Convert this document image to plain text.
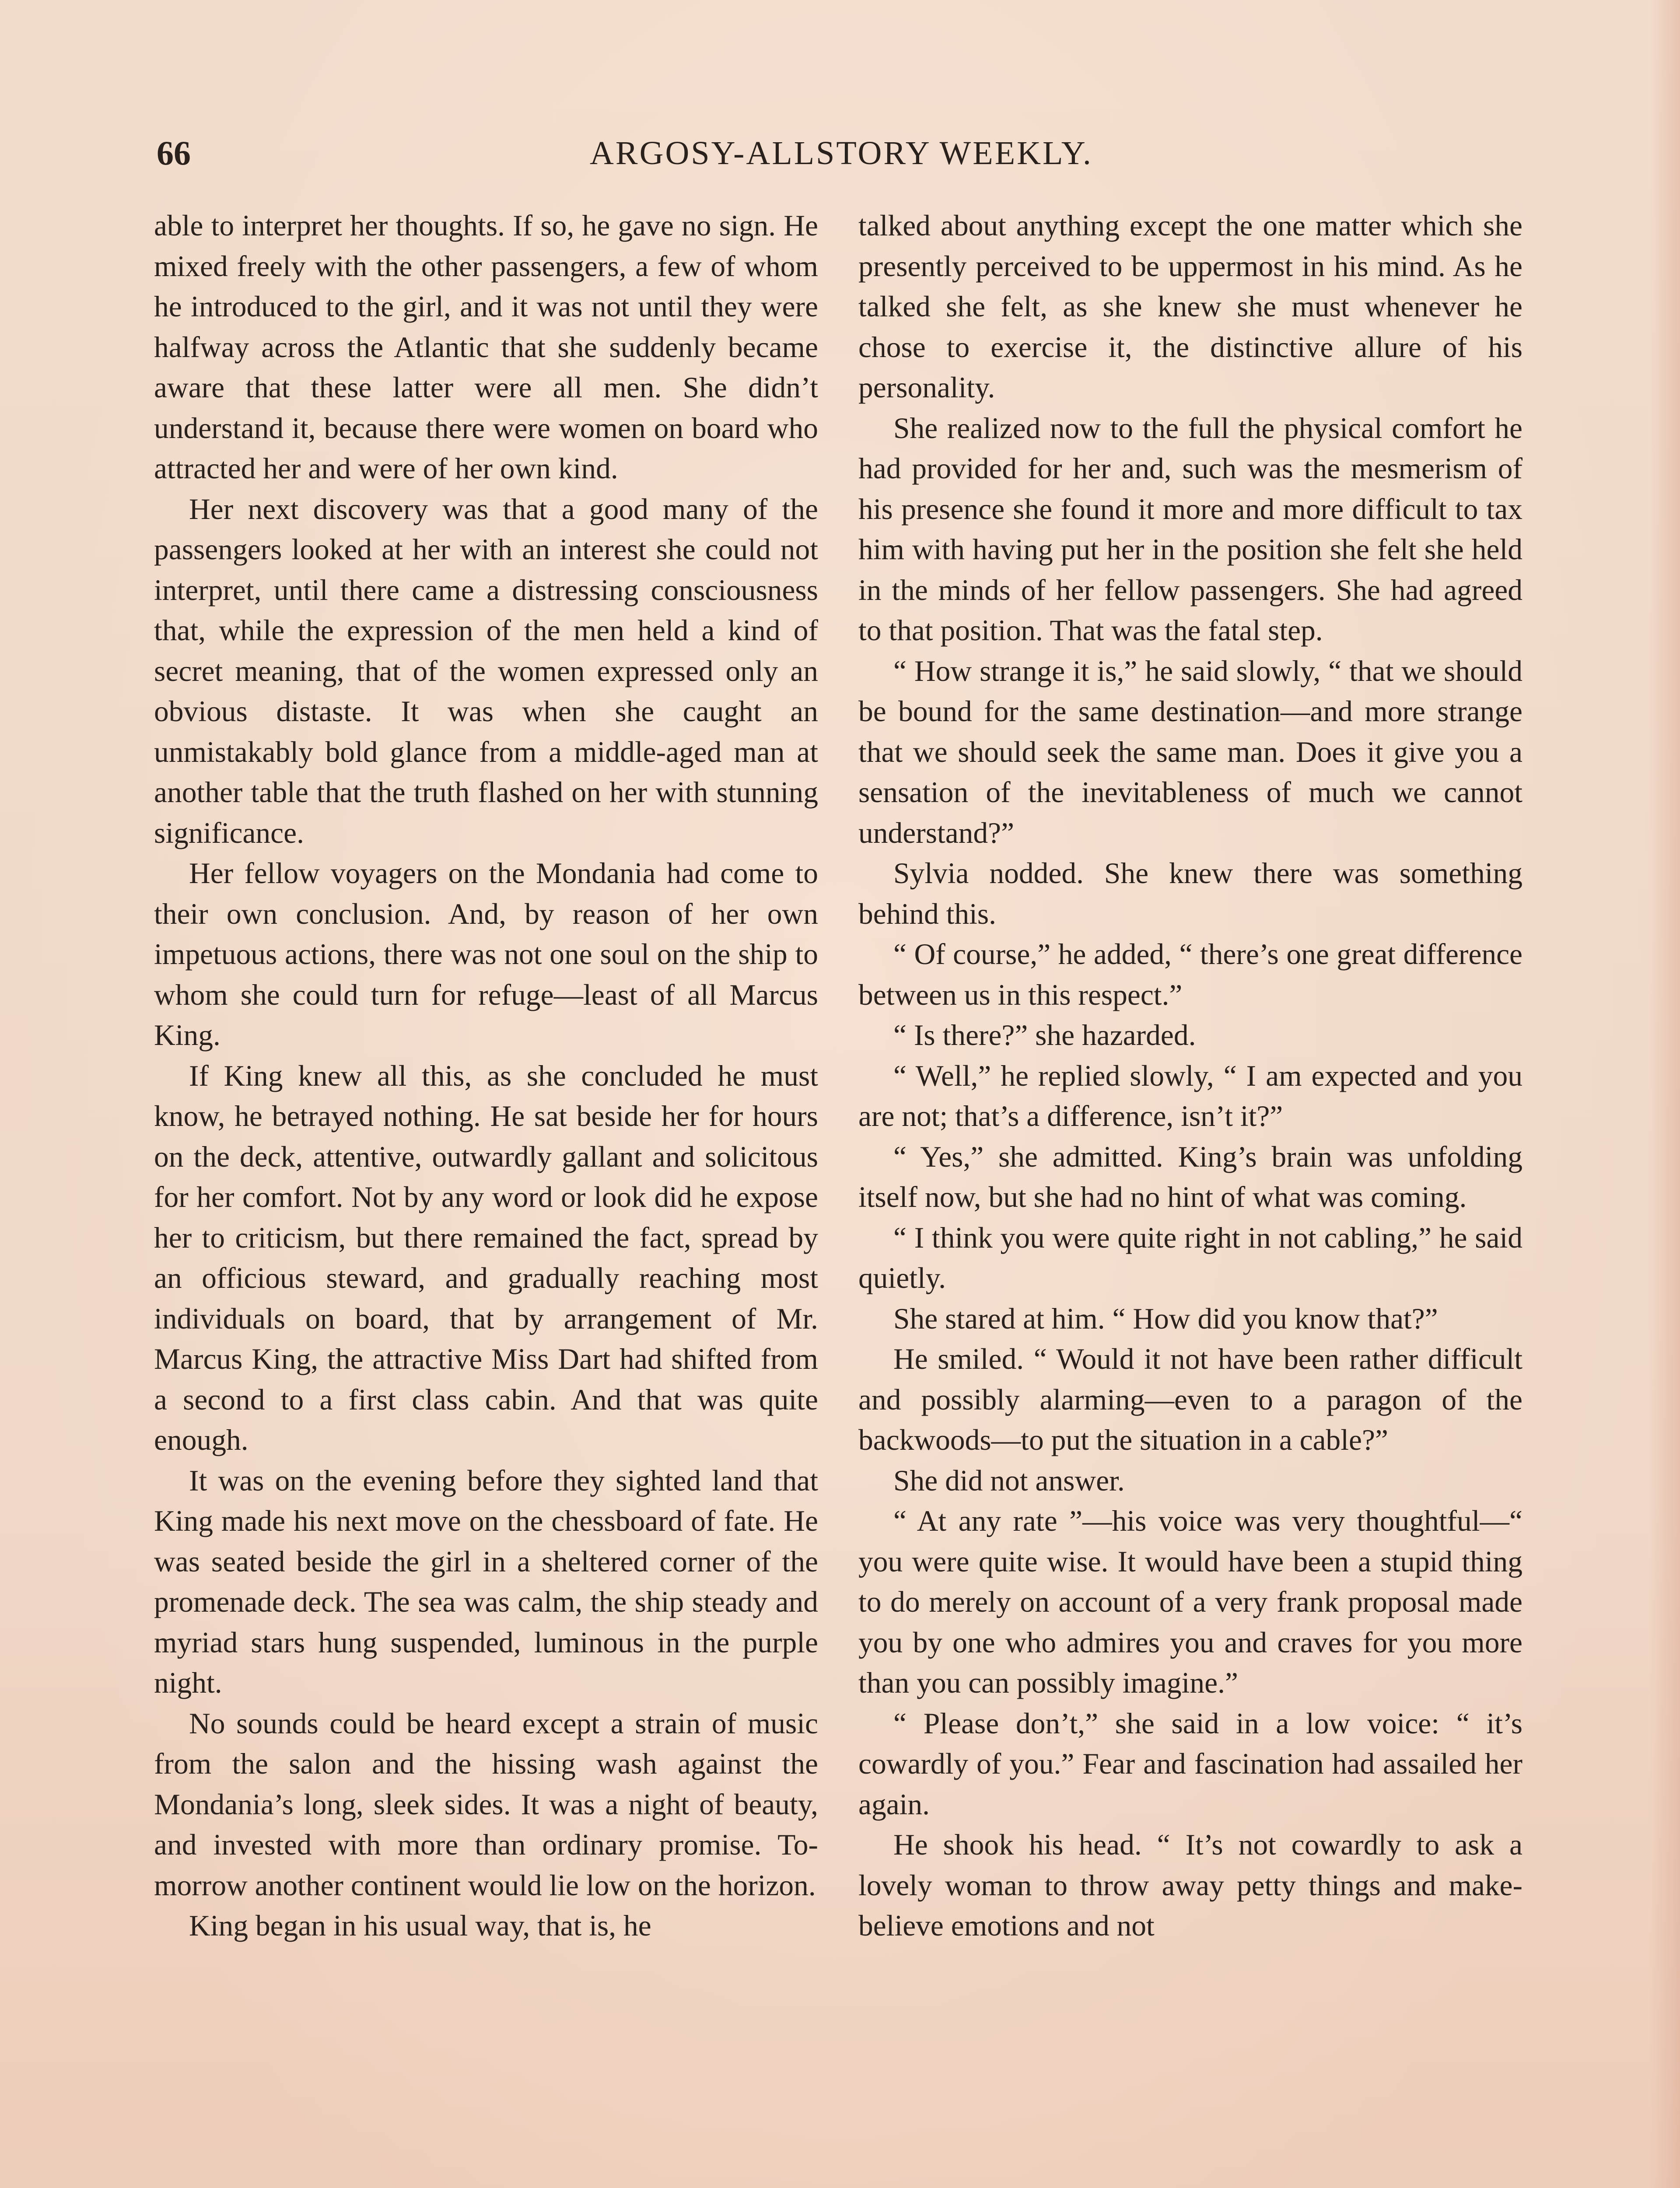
66	ARGOSY-ALLSTORY WEEKLY.

able to interpret her thoughts. If so, he gave no sign. He mixed freely with the other passengers, a few of whom he introduced to the girl, and it was not until they were halfway across the Atlantic that she suddenly became aware that these latter were all men. She didn’t understand it, because there were women on board who attracted her and were of her own kind.

Her next discovery was that a good many of the passengers looked at her with an interest she could not interpret, until there came a distressing consciousness that, while the expression of the men held a kind of secret meaning, that of the women expressed only an obvious distaste. It was when she caught an unmistakably bold glance from a middle-aged man at another table that the truth flashed on her with stunning significance.

Her fellow voyagers on the Mondania had come to their own conclusion. And, by reason of her own impetuous actions, there was not one soul on the ship to whom she could turn for refuge—least of all Marcus King.

If King knew all this, as she concluded he must know, he betrayed nothing. He sat beside her for hours on the deck, attentive, outwardly gallant and solicitous for her comfort. Not by any word or look did he expose her to criticism, but there remained the fact, spread by an officious steward, and gradually reaching most individuals on board, that by arrangement of Mr. Marcus King, the attractive Miss Dart had shifted from a second to a first class cabin. And that was quite enough.

It was on the evening before they sighted land that King made his next move on the chessboard of fate. He was seated beside the girl in a sheltered corner of the promenade deck. The sea was calm, the ship steady and myriad stars hung suspended, luminous in the purple night.

No sounds could be heard except a strain of music from the salon and the hissing wash against the Mondania’s long, sleek sides. It was a night of beauty, and invested with more than ordinary promise. To-morrow another continent would lie low on the horizon.

King began in his usual way, that is, he

talked about anything except the one matter which she presently perceived to be uppermost in his mind. As he talked she felt, as she knew she must whenever he chose to exercise it, the distinctive allure of his personality.

She realized now to the full the physical comfort he had provided for her and, such was the mesmerism of his presence she found it more and more difficult to tax him with having put her in the position she felt she held in the minds of her fellow passengers. She had agreed to that position. That was the fatal step.

“ How strange it is,” he said slowly, “ that we should be bound for the same destination—and more strange that we should seek the same man. Does it give you a sensation of the inevitableness of much we cannot understand?”

Sylvia nodded. She knew there was something behind this.

“ Of course,” he added, “ there’s one great difference between us in this respect.”

“ Is there?” she hazarded.

“ Well,” he replied slowly, “ I am expected and you are not; that’s a difference, isn’t it?”

“ Yes,” she admitted. King’s brain was unfolding itself now, but she had no hint of what was coming.

“ I think you were quite right in not cabling,” he said quietly.

She stared at him. “ How did you know that?”

He smiled. “ Would it not have been rather difficult and possibly alarming—even to a paragon of the backwoods—to put the situation in a cable?”

She did not answer.

“ At any rate ”—his voice was very thoughtful—“ you were quite wise. It would have been a stupid thing to do merely on account of a very frank proposal made you by one who admires you and craves for you more than you can possibly imagine.”

“ Please don’t,” she said in a low voice: “ it’s cowardly of you.” Fear and fascination had assailed her again.

He shook his head. “ It’s not cowardly to ask a lovely woman to throw away petty things and make-believe emotions and not
